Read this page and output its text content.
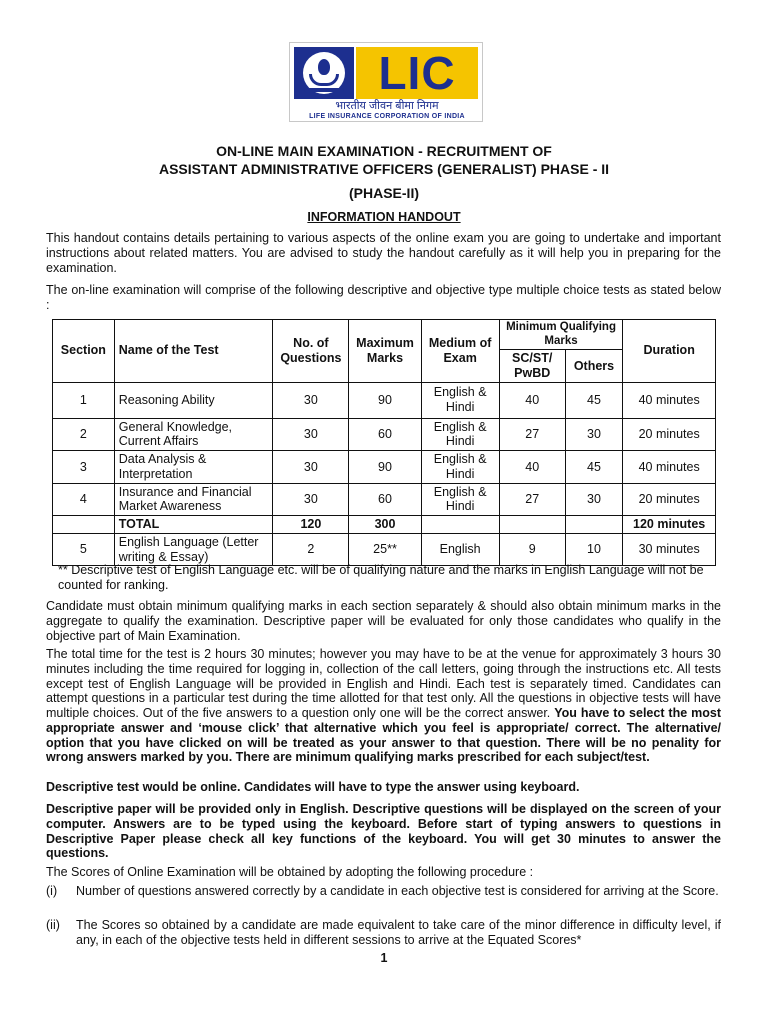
LIC
भारतीय जीवन बीमा निगम
LIFE INSURANCE CORPORATION OF INDIA
ON-LINE MAIN EXAMINATION - RECRUITMENT OF
ASSISTANT ADMINISTRATIVE OFFICERS (GENERALIST) PHASE - II
(PHASE-II)
INFORMATION HANDOUT
This handout contains details pertaining to various aspects of the online exam you are going to undertake and important instructions about related matters. You are advised to study the handout carefully as it will help you in preparing for the examination.
The on-line examination will comprise of the following descriptive and objective type multiple choice tests as stated below :
Section	Name of the Test	No. of Questions	Maximum Marks	Medium of Exam	Minimum Qualifying Marks		Duration
					SC/ST/ PwBD	Others	
1	Reasoning Ability	30	90	English & Hindi	40	45	40 minutes
2	General Knowledge, Current Affairs	30	60	English & Hindi	27	30	20 minutes
3	Data Analysis & Interpretation	30	90	English & Hindi	40	45	40 minutes
4	Insurance and Financial Market Awareness	30	60	English & Hindi	27	30	20 minutes
	TOTAL	120	300				120 minutes
5	English Language (Letter writing & Essay)	2	25**	English	9	10	30 minutes
** Descriptive test of English Language etc. will be of qualifying nature and the marks in English Language will not be counted for ranking.
Candidate must obtain minimum qualifying marks in each section separately & should also obtain minimum marks in the aggregate to qualify the examination. Descriptive paper will be evaluated for only those candidates who qualify in the objective part of Main Examination.
The total time for the test is 2 hours 30 minutes; however you may have to be at the venue for approximately 3 hours 30 minutes including the time required for logging in, collection of the call letters, going through the instructions etc. All tests except test of English Language will be provided in English and Hindi. Each test is separately timed. Candidates can attempt questions in a particular test during the time allotted for that test only. All the questions in objective tests will have multiple choices. Out of the five answers to a question only one will be the correct answer. You have to select the most appropriate answer and ‘mouse click’ that alternative which you feel is appropriate/ correct. The alternative/ option that you have clicked on will be treated as your answer to that question. There will be no penality for wrong answers marked by you. There are minimum qualifying marks prescribed for each subject/test.
Descriptive test would be online. Candidates will have to type the answer using keyboard.
Descriptive paper will be provided only in English. Descriptive questions will be displayed on the screen of your computer. Answers are to be typed using the keyboard. Before start of typing answers to questions in Descriptive Paper please check all key functions of the keyboard. You will get 30 minutes to answer the questions.
The Scores of Online Examination will be obtained by adopting the following procedure :
(i) Number of questions answered correctly by a candidate in each objective test is considered for arriving at the Score.
(ii) The Scores so obtained by a candidate are made equivalent to take care of the minor difference in difficulty level, if any, in each of the objective tests held in different sessions to arrive at the Equated Scores*
1
